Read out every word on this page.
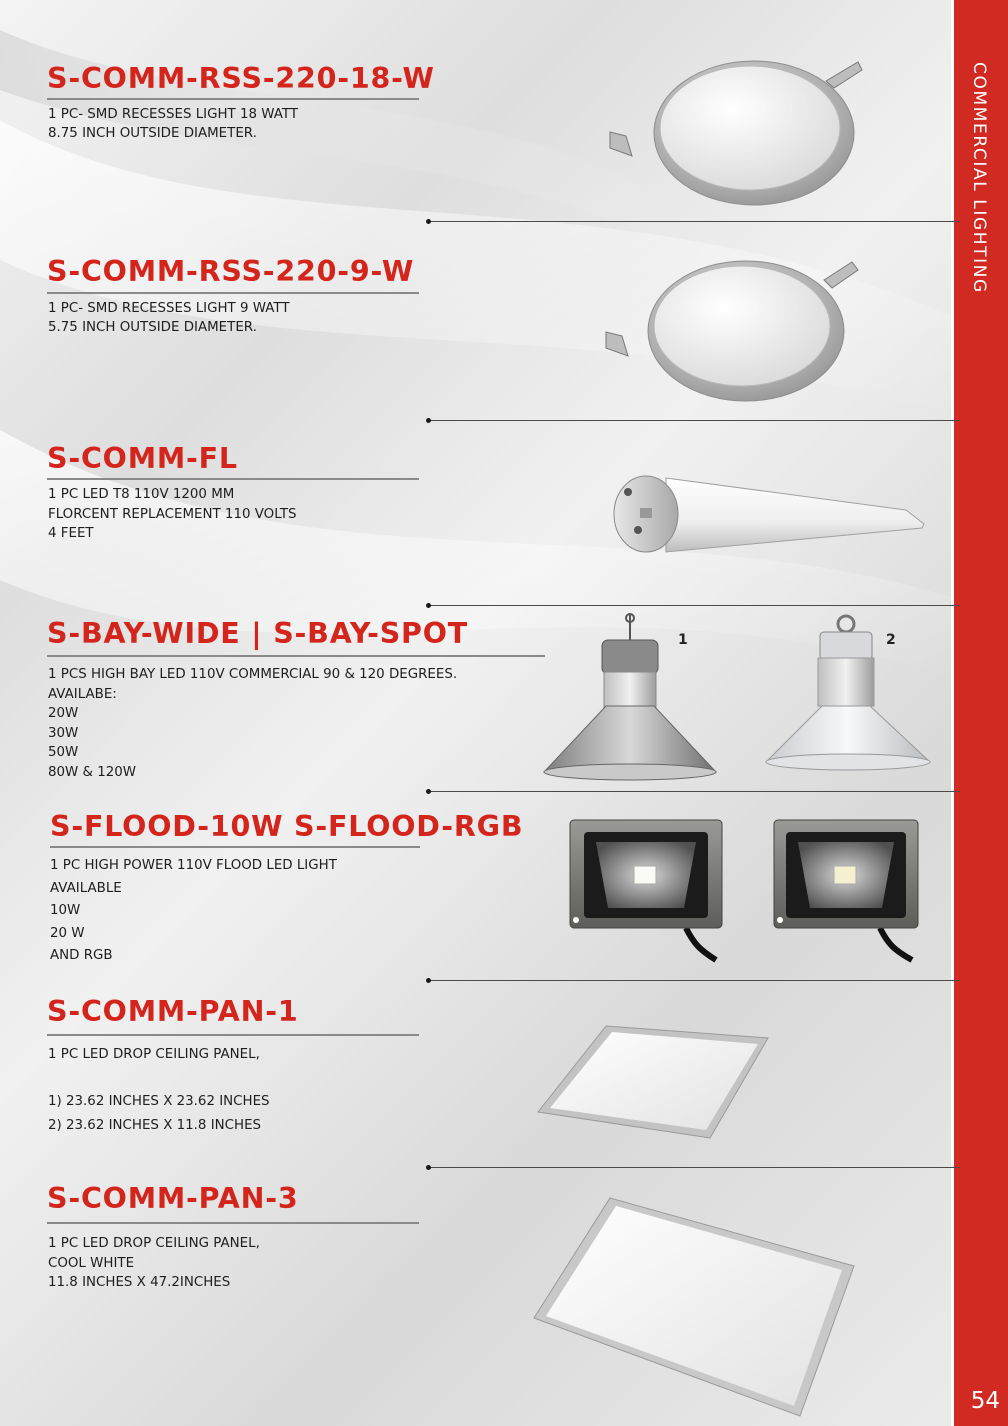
COMMERCIAL LIGHTING
54
S-COMM-RSS-220-18-W

1 PC- SMD RECESSES LIGHT 18 WATT
8.75 INCH OUTSIDE DIAMETER.

S-COMM-RSS-220-9-W

1 PC- SMD RECESSES LIGHT 9 WATT
5.75 INCH OUTSIDE DIAMETER.

S-COMM-FL

1 PC LED T8 110V 1200 MM
FLORCENT REPLACEMENT 110 VOLTS
4 FEET

S-BAY-WIDE | S-BAY-SPOT

1 PCS HIGH BAY LED 110V COMMERCIAL 90 & 120 DEGREES.
AVAILABE:
20W
30W
50W
80W & 120W

1	2
S-FLOOD-10W S-FLOOD-RGB

1 PC HIGH POWER 110V FLOOD LED LIGHT
AVAILABLE
10W
20 W
AND RGB

S-COMM-PAN-1

1 PC LED DROP CEILING PANEL,

1) 23.62 INCHES X 23.62 INCHES
2) 23.62 INCHES X 11.8 INCHES

S-COMM-PAN-3

1 PC LED DROP CEILING PANEL,
COOL WHITE
11.8 INCHES X 47.2INCHES
